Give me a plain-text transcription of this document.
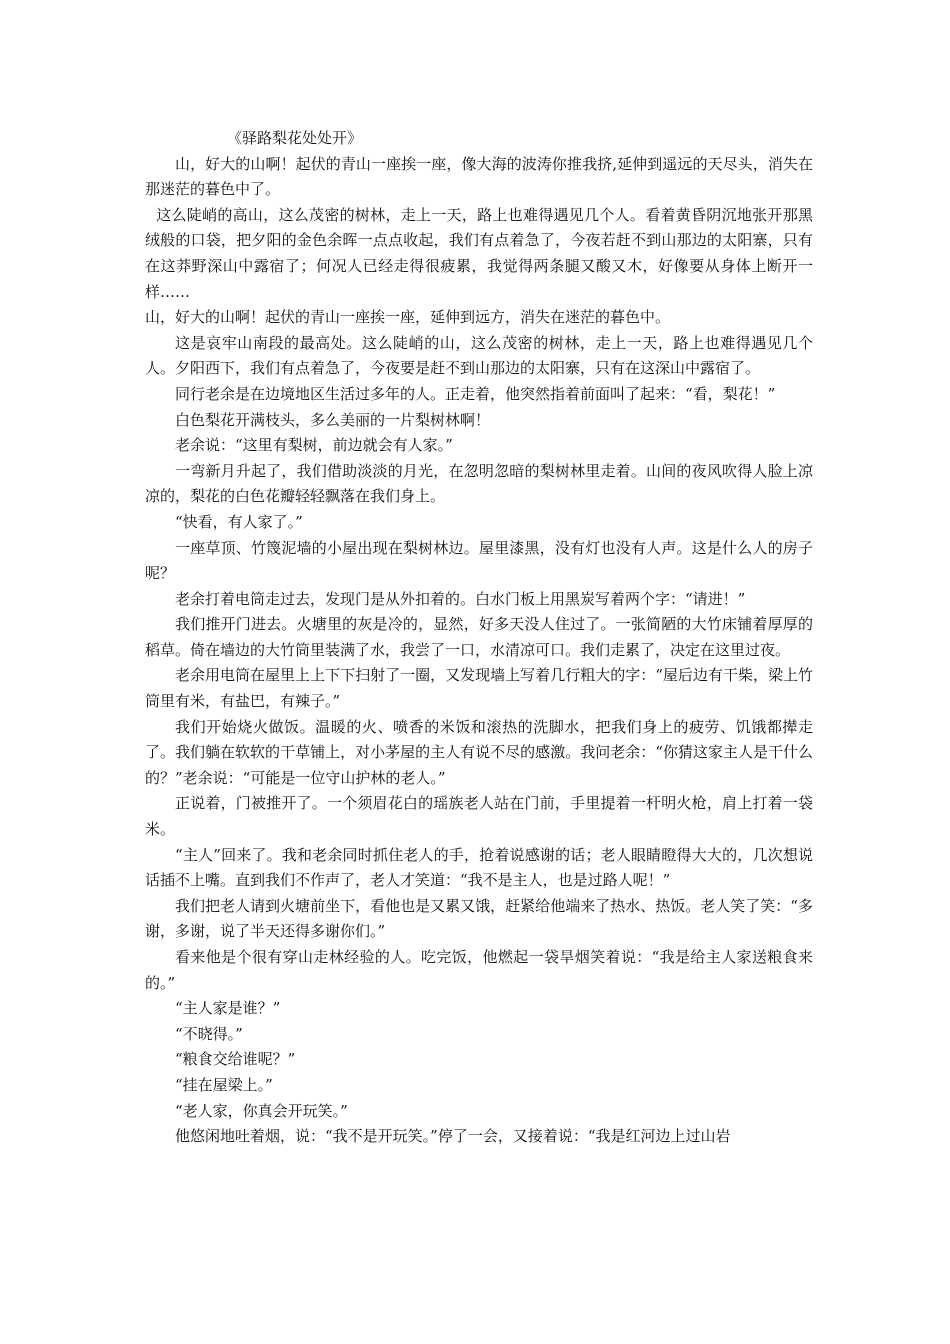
《驿路梨花处处开》

山，好大的山啊！起伏的青山一座挨一座，像大海的波涛你推我挤,延伸到遥远的天尽头，消失在那迷茫的暮色中了。

这么陡峭的高山，这么茂密的树林，走上一天，路上也难得遇见几个人。看着黄昏阴沉地张开那黑绒般的口袋，把夕阳的金色余晖一点点收起，我们有点着急了，今夜若赶不到山那边的太阳寨，只有在这莽野深山中露宿了；何况人已经走得很疲累，我觉得两条腿又酸又木，好像要从身体上断开一样……

山，好大的山啊！起伏的青山一座挨一座，延伸到远方，消失在迷茫的暮色中。

这是哀牢山南段的最高处。这么陡峭的山，这么茂密的树林，走上一天，路上也难得遇见几个人。夕阳西下，我们有点着急了，今夜要是赶不到山那边的太阳寨，只有在这深山中露宿了。

同行老余是在边境地区生活过多年的人。正走着，他突然指着前面叫了起来：“看，梨花！”

白色梨花开满枝头，多么美丽的一片梨树林啊！

老余说：“这里有梨树，前边就会有人家。”

一弯新月升起了，我们借助淡淡的月光，在忽明忽暗的梨树林里走着。山间的夜风吹得人脸上凉凉的，梨花的白色花瓣轻轻飘落在我们身上。

“快看，有人家了。”

一座草顶、竹篾泥墙的小屋出现在梨树林边。屋里漆黑，没有灯也没有人声。这是什么人的房子呢？

老余打着电筒走过去，发现门是从外扣着的。白水门板上用黑炭写着两个字：“请进！”

我们推开门进去。火塘里的灰是冷的，显然，好多天没人住过了。一张简陋的大竹床铺着厚厚的稻草。倚在墙边的大竹筒里装满了水，我尝了一口，水清凉可口。我们走累了，决定在这里过夜。

老余用电筒在屋里上上下下扫射了一圈，又发现墙上写着几行粗大的字：“屋后边有干柴，梁上竹筒里有米，有盐巴，有辣子。”

我们开始烧火做饭。温暖的火、喷香的米饭和滚热的洗脚水，把我们身上的疲劳、饥饿都撵走了。我们躺在软软的干草铺上，对小茅屋的主人有说不尽的感激。我问老余：“你猜这家主人是干什么的？”老余说：“可能是一位守山护林的老人。”

正说着，门被推开了。一个须眉花白的瑶族老人站在门前，手里提着一杆明火枪，肩上打着一袋米。

“主人”回来了。我和老余同时抓住老人的手，抢着说感谢的话；老人眼睛瞪得大大的，几次想说话插不上嘴。直到我们不作声了，老人才笑道：“我不是主人，也是过路人呢！”

我们把老人请到火塘前坐下，看他也是又累又饿，赶紧给他端来了热水、热饭。老人笑了笑：“多谢，多谢，说了半天还得多谢你们。”

看来他是个很有穿山走林经验的人。吃完饭，他燃起一袋旱烟笑着说：“我是给主人家送粮食来的。”

“主人家是谁？”

“不晓得。”

“粮食交给谁呢？”

“挂在屋梁上。”

“老人家，你真会开玩笑。”

他悠闲地吐着烟，说：“我不是开玩笑。”停了一会，又接着说：“我是红河边上过山岩
